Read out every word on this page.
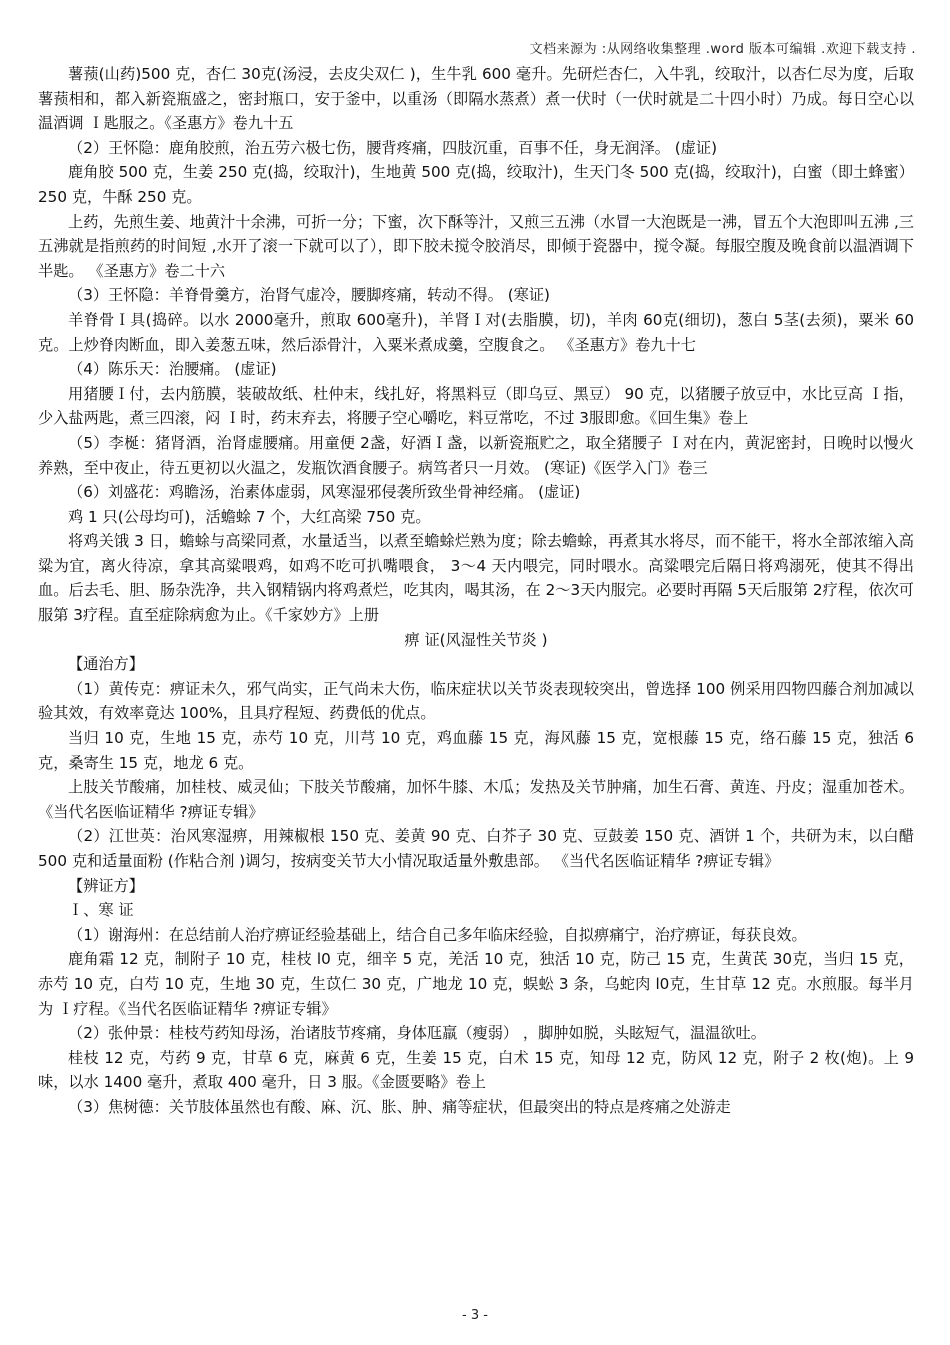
文档来源为 :从网络收集整理 .word 版本可编辑 .欢迎下载支持 .

薯蓣(山药)500 克，杏仁 30克(汤浸，去皮尖双仁 )，生牛乳 600 毫升。先研烂杏仁，入牛乳，绞取汁，以杏仁尽为度，后取薯蓣相和，都入新瓷瓶盛之，密封瓶口，安于釜中，以重汤（即隔水蒸煮）煮一伏时（一伏时就是二十四小时）乃成。每日空心以温酒调 Ｉ匙服之。《圣惠方》卷九十五

（2）王怀隐：鹿角胶煎，治五劳六极七伤，腰背疼痛，四肢沉重，百事不任，身无润泽。 (虚证)

鹿角胶 500 克，生姜 250 克(捣，绞取汁)，生地黄 500 克(捣，绞取汁)，生天门冬 500 克(捣，绞取汁)，白蜜（即土蜂蜜） 250 克，牛酥 250 克。

上药，先煎生姜、地黄汁十余沸，可折一分；下蜜，次下酥等汁，又煎三五沸（水冒一大泡既是一沸，冒五个大泡即叫五沸 ,三五沸就是指煎药的时间短 ,水开了滚一下就可以了），即下胶未搅令胶消尽，即倾于瓷器中，搅令凝。每服空腹及晚食前以温酒调下半匙。 《圣惠方》卷二十六

（3）王怀隐：羊脊骨羹方，治肾气虚冷，腰脚疼痛，转动不得。 (寒证)

羊脊骨Ｉ具(捣碎。以水 2000毫升，煎取 600毫升)，羊肾Ｉ对(去脂膜，切)，羊肉 60克(细切)，葱白 5茎(去须)，粟米 60 克。上炒脊肉断血，即入姜葱五味，然后添骨汁，入粟米煮成羹，空腹食之。 《圣惠方》卷九十七

（4）陈乐天：治腰痛。 (虚证)

用猪腰Ｉ付，去内筋膜，装破故纸、杜仲末，线扎好，将黑料豆（即乌豆、黑豆） 90 克，以猪腰子放豆中，水比豆高 Ｉ指，少入盐两匙，煮三四滚，闷 Ｉ时，药末弃去，将腰子空心嚼吃，料豆常吃，不过 3服即愈。《回生集》卷上

（5）李梴：猪肾酒，治肾虚腰痛。用童便 2盏，好酒Ｉ盏，以新瓷瓶贮之，取全猪腰子 Ｉ对在内，黄泥密封，日晚时以慢火养熟，至中夜止，待五更初以火温之，发瓶饮酒食腰子。病笃者只一月效。 (寒证)《医学入门》卷三

（6）刘盛花：鸡瞻汤，治素体虚弱，风寒湿邪侵袭所致坐骨神经痛。 (虚证)

鸡 1 只(公母均可)，活蟾蜍 7 个，大红高梁 750 克。

将鸡关饿 3 日，蟾蜍与高梁同煮，水量适当，以煮至蟾蜍烂熟为度；除去蟾蜍，再煮其水将尽，而不能干，将水全部浓缩入高粱为宜，离火待凉，拿其高粱喂鸡，如鸡不吃可扒嘴喂食， 3～4 天内喂完，同时喂水。高粱喂完后隔日将鸡溺死，使其不得出血。后去毛、胆、肠杂洗净，共入钢精锅内将鸡煮烂，吃其肉，喝其汤，在 2～3天内服完。必要时再隔 5天后服第 2疗程，依次可服第 3疗程。直至症除病愈为止。《千家妙方》上册

痹 证(风湿性关节炎 )

【通治方】

（1）黄传克：痹证未久，邪气尚实，正气尚未大伤，临床症状以关节炎表现较突出，曾选择 100 例采用四物四藤合剂加减以验其效，有效率竟达 100%，且具疗程短、药费低的优点。

当归 10 克，生地 15 克，赤芍 10 克，川芎 10 克，鸡血藤 15 克，海风藤 15 克，宽根藤 15 克，络石藤 15 克，独活 6 克，桑寄生 15 克，地龙 6 克。

上肢关节酸痛，加桂枝、威灵仙；下肢关节酸痛，加怀牛膝、木瓜；发热及关节肿痛，加生石膏、黄连、丹皮；湿重加苍术。《当代名医临证精华 ?痹证专辑》

（2）江世英：治风寒湿痹，用辣椒根 150 克、姜黄 90 克、白芥子 30 克、豆鼓姜 150 克、酒饼 1 个，共研为末，以白醋 500 克和适量面粉 (作粘合剂 )调匀，按病变关节大小情况取适量外敷患部。 《当代名医临证精华 ?痹证专辑》

【辨证方】

Ｉ、寒 证

（1）谢海州：在总结前人治疗痹证经验基础上，结合自己多年临床经验，自拟痹痛宁，治疗痹证，每获良效。

鹿角霜 12 克，制附子 10 克，桂枝 l0 克，细辛 5 克，羌活 10 克，独活 10 克，防己 15 克，生黄芪 30克，当归 15 克，赤芍 10 克，白芍 10 克，生地 30 克，生苡仁 30 克，广地龙 10 克，蜈蚣 3 条，乌蛇肉 l0克，生甘草 12 克。水煎服。每半月为 Ｉ疗程。《当代名医临证精华 ?痹证专辑》

（2）张仲景：桂枝芍药知母汤，治诸肢节疼痛，身体尫羸（瘦弱） ，脚肿如脱，头眩短气，温温欲吐。

桂枝 12 克，芍药 9 克，甘草 6 克，麻黄 6 克，生姜 15 克，白术 15 克，知母 12 克，防风 12 克，附子 2 枚(炮)。上 9味，以水 1400 毫升，煮取 400 毫升，日 3 服。《金匮要略》卷上

（3）焦树德：关节肢体虽然也有酸、麻、沉、胀、肿、痛等症状，但最突出的特点是疼痛之处游走

- 3 -
